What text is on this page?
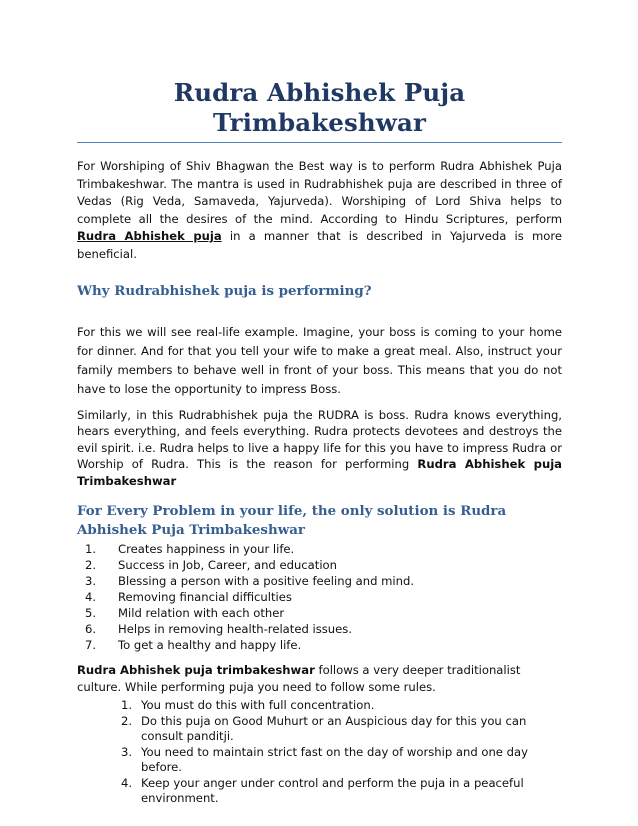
Rudra Abhishek Puja Trimbakeshwar

For Worshiping of Shiv Bhagwan the Best way is to perform Rudra Abhishek Puja Trimbakeshwar. The mantra is used in Rudrabhishek puja are described in three of Vedas (Rig Veda, Samaveda, Yajurveda). Worshiping of Lord Shiva helps to complete all the desires of the mind. According to Hindu Scriptures, perform Rudra Abhishek puja in a manner that is described in Yajurveda is more beneficial.

Why Rudrabhishek puja is performing?

For this we will see real-life example. Imagine, your boss is coming to your home for dinner. And for that you tell your wife to make a great meal. Also, instruct your family members to behave well in front of your boss. This means that you do not have to lose the opportunity to impress Boss.

Similarly, in this Rudrabhishek puja the RUDRA is boss. Rudra knows everything, hears everything, and feels everything. Rudra protects devotees and destroys the evil spirit. i.e. Rudra helps to live a happy life for this you have to impress Rudra or Worship of Rudra. This is the reason for performing Rudra Abhishek puja Trimbakeshwar

For Every Problem in your life, the only solution is Rudra Abhishek Puja Trimbakeshwar
1. Creates happiness in your life.
2. Success in Job, Career, and education
3. Blessing a person with a positive feeling and mind.
4. Removing financial difficulties
5. Mild relation with each other
6. Helps in removing health-related issues.
7. To get a healthy and happy life.

Rudra Abhishek puja trimbakeshwar follows a very deeper traditionalist culture. While performing puja you need to follow some rules.

1. You must do this with full concentration.
2. Do this puja on Good Muhurt or an Auspicious day for this you can consult panditji.
3. You need to maintain strict fast on the day of worship and one day before.
4. Keep your anger under control and perform the puja in a peaceful environment.
